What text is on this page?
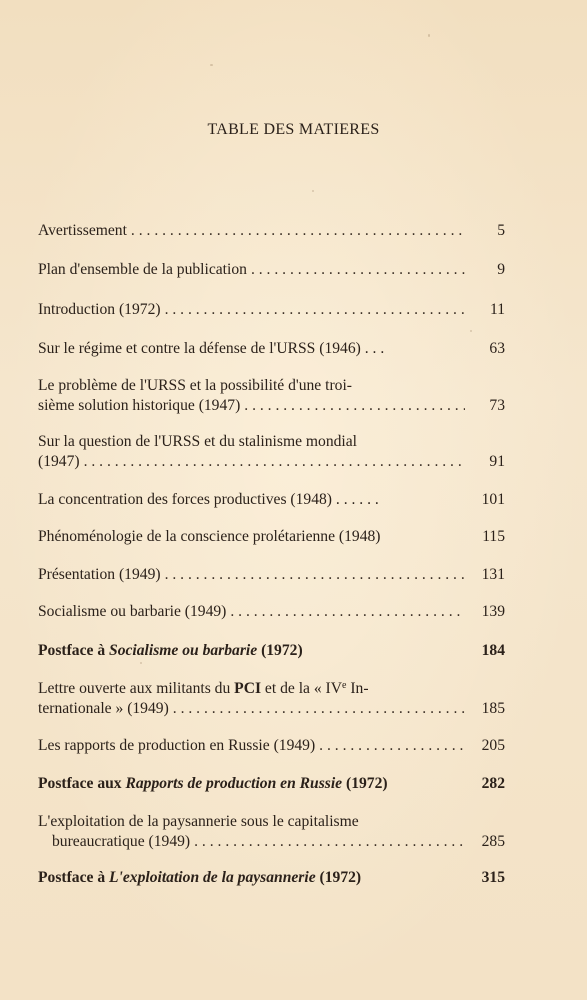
TABLE DES MATIERES
Avertissement . . .	5
Plan d'ensemble de la publication . . .	9
Introduction (1972) . . .	11
Sur le régime et contre la défense de l'URSS (1946) . . .	63
Le problème de l'URSS et la possibilité d'une troi-
sième solution historique (1947) . . .	73
Sur la question de l'URSS et du stalinisme mondial
(1947) . . .	91
La concentration des forces productives (1948) . . . . . .	101
Phénoménologie de la conscience prolétarienne (1948)	115
Présentation (1949) . . .	131
Socialisme ou barbarie (1949) . . .	139
Postface à Socialisme ou barbarie (1972)	184
Lettre ouverte aux militants du PCI et de la « IVe In-
ternationale » (1949) . . .	185
Les rapports de production en Russie (1949) . . .	205
Postface aux Rapports de production en Russie (1972)	282
L'exploitation de la paysannerie sous le capitalisme
bureaucratique (1949) . . .	285
Postface à L'exploitation de la paysannerie (1972)	315
